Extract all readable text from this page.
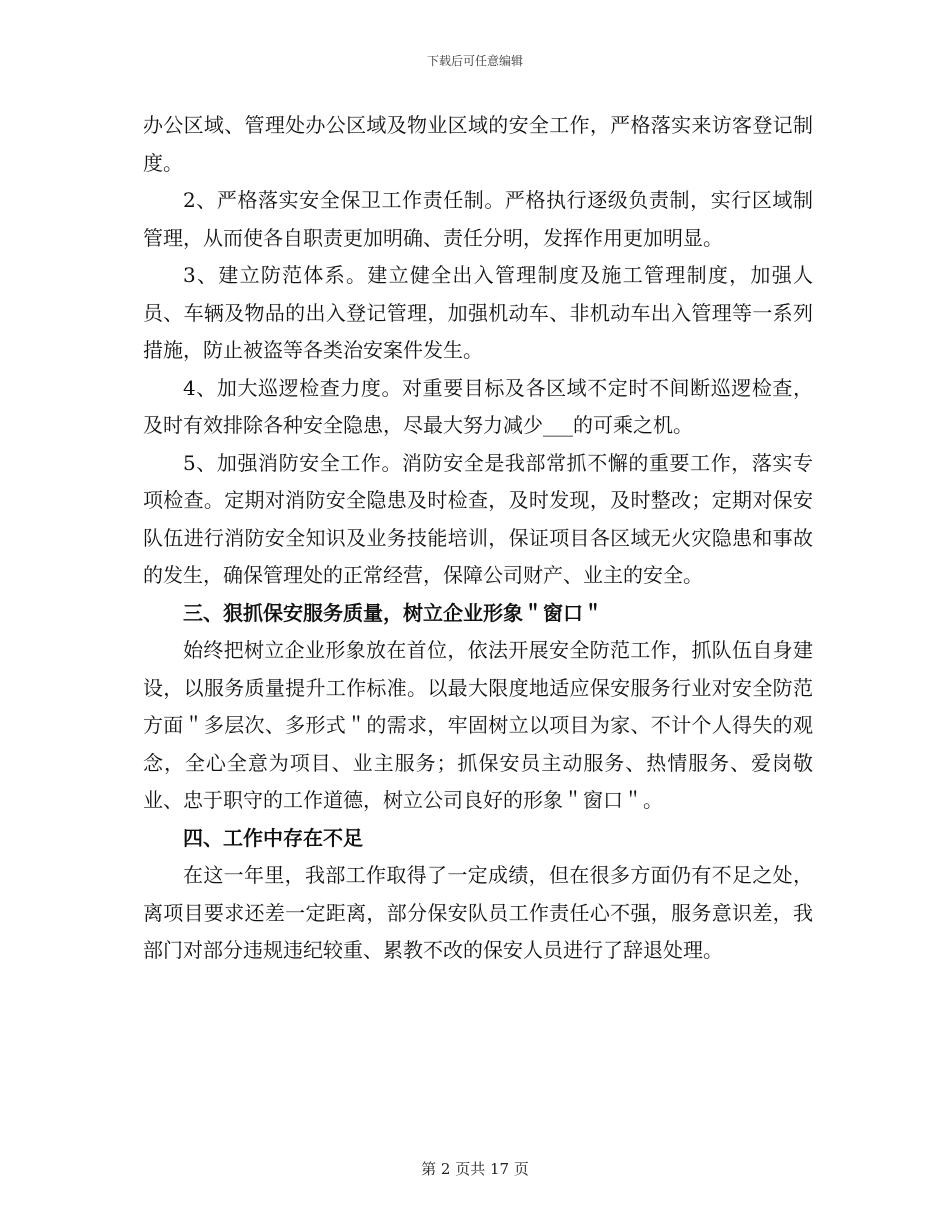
下载后可任意编辑

办公区域、管理处办公区域及物业区域的安全工作，严格落实来访客登记制度。

2、严格落实安全保卫工作责任制。严格执行逐级负责制，实行区域制管理，从而使各自职责更加明确、责任分明，发挥作用更加明显。

3、建立防范体系。建立健全出入管理制度及施工管理制度，加强人员、车辆及物品的出入登记管理，加强机动车、非机动车出入管理等一系列措施，防止被盗等各类治安案件发生。

4、加大巡逻检查力度。对重要目标及各区域不定时不间断巡逻检查，及时有效排除各种安全隐患，尽最大努力减少___的可乘之机。

5、加强消防安全工作。消防安全是我部常抓不懈的重要工作，落实专项检查。定期对消防安全隐患及时检查，及时发现，及时整改；定期对保安队伍进行消防安全知识及业务技能培训，保证项目各区域无火灾隐患和事故的发生，确保管理处的正常经营，保障公司财产、业主的安全。

三、狠抓保安服务质量，树立企业形象＂窗口＂

始终把树立企业形象放在首位，依法开展安全防范工作，抓队伍自身建设，以服务质量提升工作标准。以最大限度地适应保安服务行业对安全防范方面＂多层次、多形式＂的需求，牢固树立以项目为家、不计个人得失的观念，全心全意为项目、业主服务；抓保安员主动服务、热情服务、爱岗敬业、忠于职守的工作道德，树立公司良好的形象＂窗口＂。

四、工作中存在不足

在这一年里，我部工作取得了一定成绩，但在很多方面仍有不足之处，离项目要求还差一定距离，部分保安队员工作责任心不强，服务意识差，我部门对部分违规违纪较重、累教不改的保安人员进行了辞退处理。

第 2 页共 17 页
